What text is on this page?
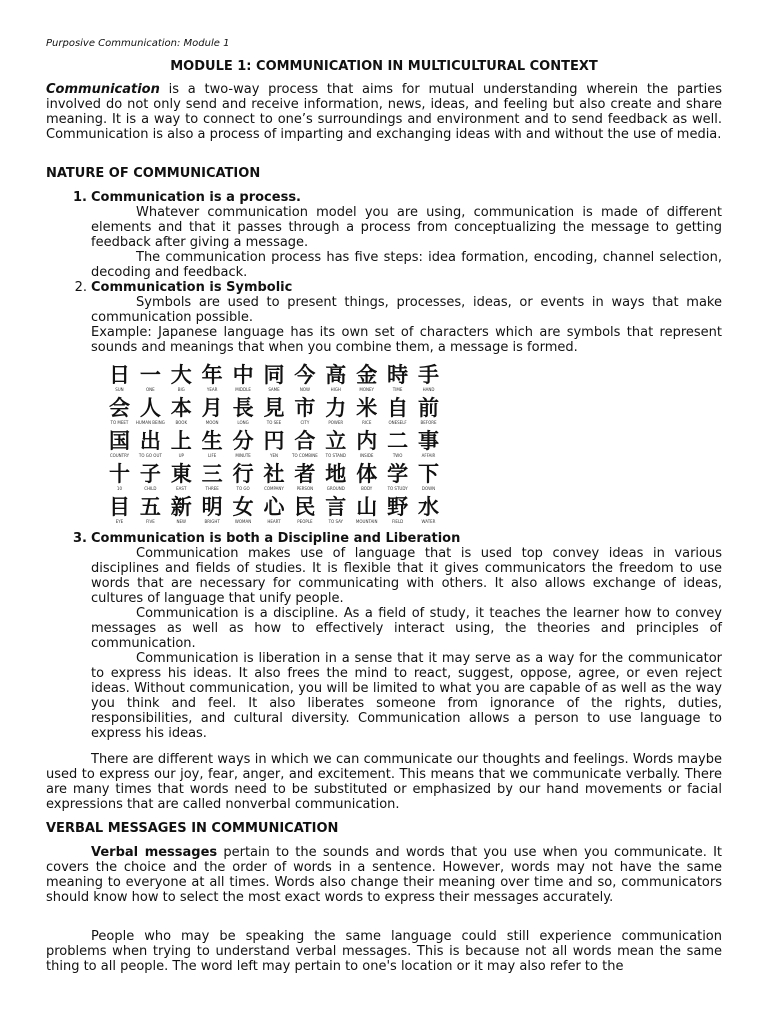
Purposive Communication: Module 1
MODULE 1: COMMUNICATION IN MULTICULTURAL CONTEXT

Communication is a two-way process that aims for mutual understanding wherein the parties involved do not only send and receive information, news, ideas, and feeling but also create and share meaning. It is a way to connect to one’s surroundings and environment and to send feedback as well. Communication is also a process of imparting and exchanging ideas with and without the use of media.

NATURE OF COMMUNICATION
1. Communication is a process.

Whatever communication model you are using, communication is made of different elements and that it passes through a process from conceptualizing the message to getting feedback after giving a message.

The communication process has five steps: idea formation, encoding, channel selection, decoding and feedback.

2. Communication is Symbolic

Symbols are used to present things, processes, ideas, or events in ways that make communication possible.

Example: Japanese language has its own set of characters which are symbols that represent sounds and meanings that when you combine them, a message is formed.

日
SUN
一
ONE
大
BIG
年
YEAR
中
MIDDLE
同
SAME
今
NOW
高
HIGH
金
MONEY
時
TIME
手
HAND
会
TO MEET
人
HUMAN BEING
本
BOOK
月
MOON
長
LONG
見
TO SEE
市
CITY
力
POWER
米
RICE
自
ONESELF
前
BEFORE
国
COUNTRY
出
TO GO OUT
上
UP
生
LIFE
分
MINUTE
円
YEN
合
TO COMBINE
立
TO STAND
内
INSIDE
二
TWO
事
AFFAIR
十
10
子
CHILD
東
EAST
三
THREE
行
TO GO
社
COMPANY
者
PERSON
地
GROUND
体
BODY
学
TO STUDY
下
DOWN
目
EYE
五
FIVE
新
NEW
明
BRIGHT
女
WOMAN
心
HEART
民
PEOPLE
言
TO SAY
山
MOUNTAIN
野
FIELD
水
WATER
3. Communication is both a Discipline and Liberation

Communication makes use of language that is used top convey ideas in various disciplines and fields of studies. It is flexible that it gives communicators the freedom to use words that are necessary for communicating with others. It also allows exchange of ideas, cultures of language that unify people.

Communication is a discipline. As a field of study, it teaches the learner how to convey messages as well as how to effectively interact using, the theories and principles of communication.

Communication is liberation in a sense that it may serve as a way for the communicator to express his ideas. It also frees the mind to react, suggest, oppose, agree, or even reject ideas. Without communication, you will be limited to what you are capable of as well as the way you think and feel. It also liberates someone from ignorance of the rights, duties, responsibilities, and cultural diversity. Communication allows a person to use language to express his ideas.

There are different ways in which we can communicate our thoughts and feelings. Words maybe used to express our joy, fear, anger, and excitement. This means that we communicate verbally. There are many times that words need to be substituted or emphasized by our hand movements or facial expressions that are called nonverbal communication.
VERBAL MESSAGES IN COMMUNICATION
Verbal messages pertain to the sounds and words that you use when you communicate. It covers the choice and the order of words in a sentence. However, words may not have the same meaning to everyone at all times. Words also change their meaning over time and so, communicators should know how to select the most exact words to express their messages accurately.
People who may be speaking the same language could still experience communication problems when trying to understand verbal messages. This is because not all words mean the same thing to all people. The word left may pertain to one's location or it may also refer to the
